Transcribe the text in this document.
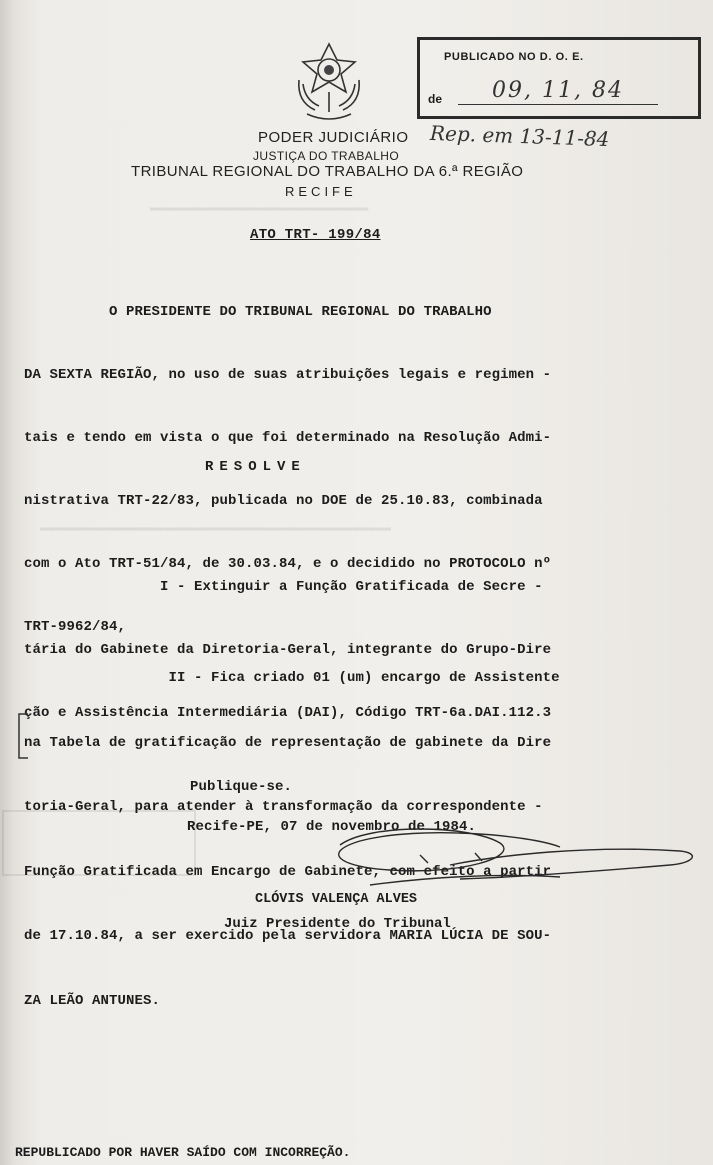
▬▬▬▬▬▬▬▬▬▬▬▬▬▬▬▬▬▬▬▬▬▬▬▬▬▬▬▬
▬▬▬▬▬▬▬▬▬▬▬▬▬▬▬▬▬▬▬▬▬▬▬▬▬▬▬▬▬▬▬▬▬▬▬▬▬▬▬▬▬▬▬▬▬
PODER JUDICIÁRIO
JUSTIÇA DO TRABALHO
TRIBUNAL REGIONAL DO TRABALHO DA 6.ª REGIÃO
RECIFE
PUBLICADO NO D. O. E.
de	09, 11, 84
Rep. em 13-11-84
ATO TRT- 199/84

O PRESIDENTE DO TRIBUNAL REGIONAL DO TRABALHO

DA SEXTA REGIÃO, no uso de suas atribuições legais e regimen -

tais e tendo em vista o que foi determinado na Resolução Admi-

nistrativa TRT-22/83, publicada no DOE de 25.10.83, combinada

com o Ato TRT-51/84, de 30.03.84, e o decidido no PROTOCOLO nº

TRT-9962/84,

RESOLVE

I - Extinguir a Função Gratificada de Secre -

tária do Gabinete da Diretoria-Geral, integrante do Grupo-Dire

ção e Assistência Intermediária (DAI), Código TRT-6a.DAI.112.3

II - Fica criado 01 (um) encargo de Assistente

na Tabela de gratificação de representação de gabinete da Dire

toria-Geral, para atender à transformação da correspondente -

Função Gratificada em Encargo de Gabinete, com efeito a partir

de 17.10.84, a ser exercido pela servidora MARIA LÚCIA DE SOU-

ZA LEÃO ANTUNES.

Publique-se.
Recife-PE, 07 de novembro de 1984.
CLÓVIS VALENÇA ALVES
Juiz Presidente do Tribunal
REPUBLICADO POR HAVER SAÍDO COM INCORREÇÃO.
